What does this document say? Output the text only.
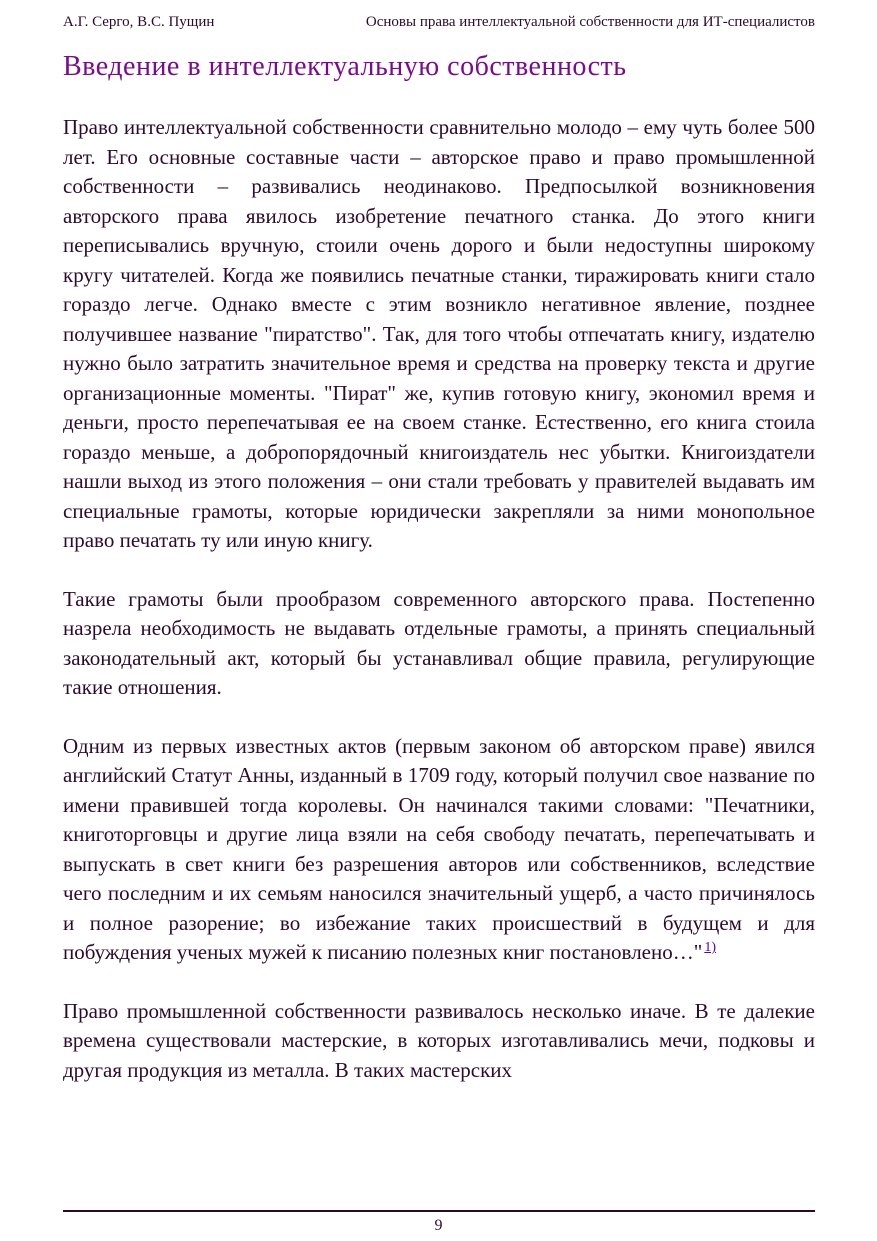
А.Г. Серго, В.С. Пущин	Основы права интеллектуальной собственности для ИТ-специалистов
Введение в интеллектуальную собственность

Право интеллектуальной собственности сравнительно молодо – ему чуть более 500 лет. Его основные составные части – авторское право и право промышленной собственности – развивались неодинаково. Предпосылкой возникновения авторского права явилось изобретение печатного станка. До этого книги переписывались вручную, стоили очень дорого и были недоступны широкому кругу читателей. Когда же появились печатные станки, тиражировать книги стало гораздо легче. Однако вместе с этим возникло негативное явление, позднее получившее название "пиратство". Так, для того чтобы отпечатать книгу, издателю нужно было затратить значительное время и средства на проверку текста и другие организационные моменты. "Пират" же, купив готовую книгу, экономил время и деньги, просто перепечатывая ее на своем станке. Естественно, его книга стоила гораздо меньше, а добропорядочный книгоиздатель нес убытки. Книгоиздатели нашли выход из этого положения – они стали требовать у правителей выдавать им специальные грамоты, которые юридически закрепляли за ними монопольное право печатать ту или иную книгу.

Такие грамоты были прообразом современного авторского права. Постепенно назрела необходимость не выдавать отдельные грамоты, а принять специальный законодательный акт, который бы устанавливал общие правила, регулирующие такие отношения.

Одним из первых известных актов (первым законом об авторском праве) явился английский Статут Анны, изданный в 1709 году, который получил свое название по имени правившей тогда королевы. Он начинался такими словами: "Печатники, книготорговцы и другие лица взяли на себя свободу печатать, перепечатывать и выпускать в свет книги без разрешения авторов или собственников, вследствие чего последним и их семьям наносился значительный ущерб, а часто причинялось и полное разорение; во избежание таких происшествий в будущем и для побуждения ученых мужей к писанию полезных книг постановлено…" $^{1)}$

Право промышленной собственности развивалось несколько иначе. В те далекие времена существовали мастерские, в которых изготавливались мечи, подковы и другая продукция из металла. В таких мастерских

9
